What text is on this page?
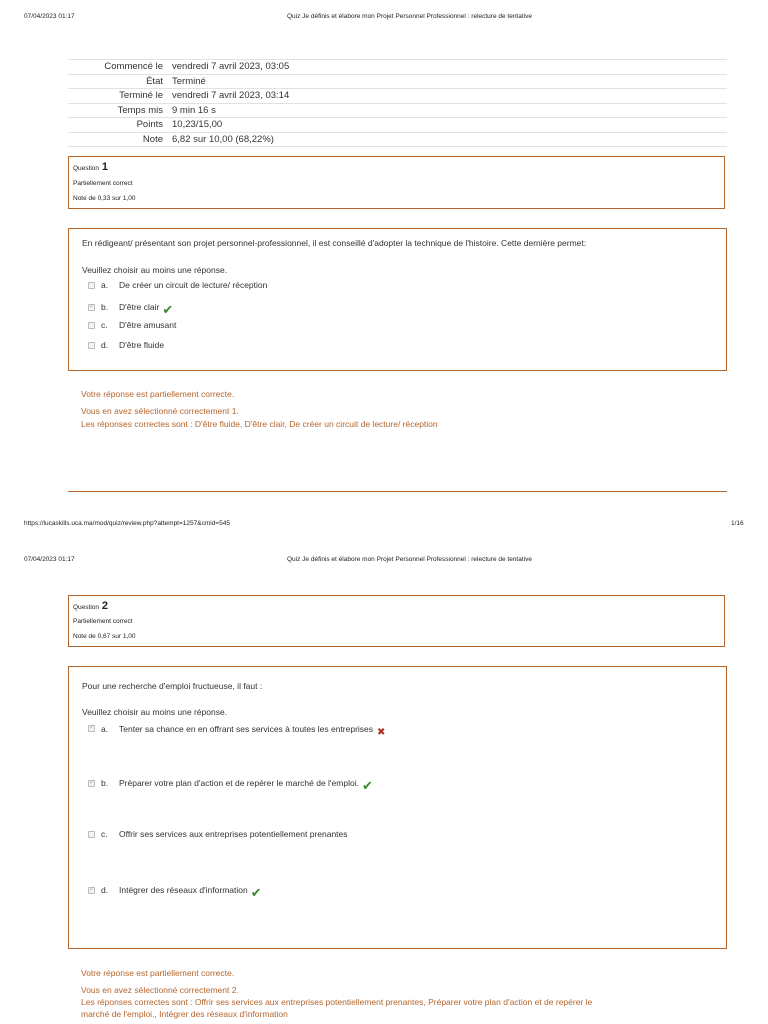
07/04/2023 01:17	Quiz Je définis et élabore mon Projet Personnel Professionnel : relecture de tentative
Commencé le	vendredi 7 avril 2023, 03:05
État	Terminé
Terminé le	vendredi 7 avril 2023, 03:14
Temps mis	9 min 16 s
Points	10,23/15,00
Note	6,82 sur 10,00 (68,22%)
Question 1
Partiellement correct
Note de 0,33 sur 1,00
En rédigeant/ présentant son projet personnel-professionnel, il est conseillé d'adopter la technique de l'histoire. Cette dernière permet:
Veuillez choisir au moins une réponse.
a.	De créer un circuit de lecture/ réception
✓
b.	D'être clair ✔
c.	D'être amusant
d.	D'être fluide
Votre réponse est partiellement correcte.
Vous en avez sélectionné correctement 1.
Les réponses correctes sont : D'être fluide, D'être clair, De créer un circuit de lecture/ réception
https://lucaskills.uca.ma/mod/quiz/review.php?attempt=1257&cmid=545	1/16
07/04/2023 01:17	Quiz Je définis et élabore mon Projet Personnel Professionnel : relecture de tentative
Question 2
Partiellement correct
Note de 0,67 sur 1,00
Pour une recherche d'emploi fructueuse, il faut :
Veuillez choisir au moins une réponse.
✓
a.	Tenter sa chance en en offrant ses services à toutes les entreprises ✖
✓
b.	Préparer votre plan d'action et de repérer le marché de l'emploi. ✔
c.	Offrir ses services aux entreprises potentiellement prenantes
✓
d.	Intégrer des réseaux d'information ✔
Votre réponse est partiellement correcte.
Vous en avez sélectionné correctement 2.
Les réponses correctes sont : Offrir ses services aux entreprises potentiellement prenantes, Préparer votre plan d'action et de repérer le
marché de l'emploi., Intégrer des réseaux d'information
